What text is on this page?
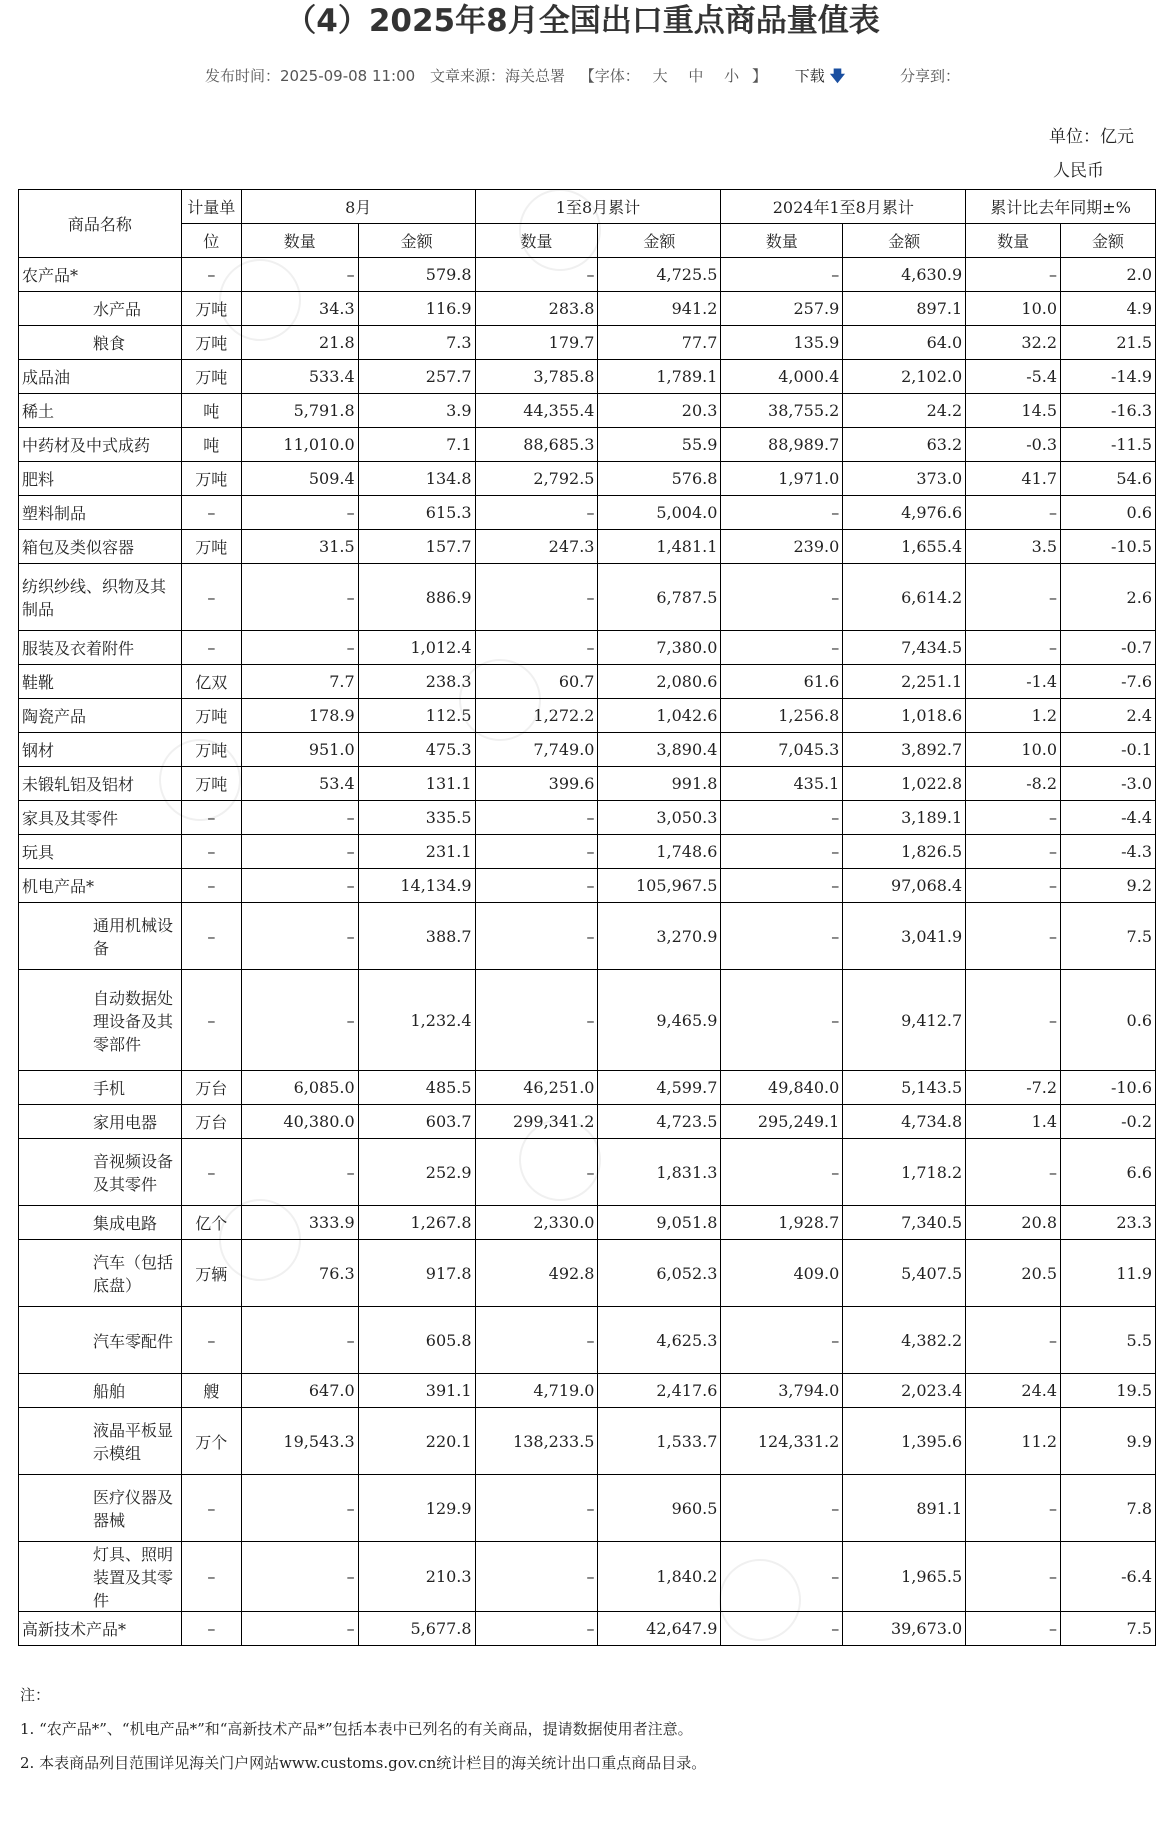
（4）2025年8月全国出口重点商品量值表
发布时间：2025-09-08 11:00 文章来源：海关总署 【字体： 大 中 小 】 下载 🡇	分享到：
单位：亿元
人民币
商品名称	计量单	8月		1至8月累计		2024年1至8月累计		累计比去年同期±%	
	位	数量	金额	数量	金额	数量	金额	数量	金额
农产品*	–	–	579.8	–	4,725.5	–	4,630.9	–	2.0
水产品	万吨	34.3	116.9	283.8	941.2	257.9	897.1	10.0	4.9
粮食	万吨	21.8	7.3	179.7	77.7	135.9	64.0	32.2	21.5
成品油	万吨	533.4	257.7	3,785.8	1,789.1	4,000.4	2,102.0	-5.4	-14.9
稀土	吨	5,791.8	3.9	44,355.4	20.3	38,755.2	24.2	14.5	-16.3
中药材及中式成药	吨	11,010.0	7.1	88,685.3	55.9	88,989.7	63.2	-0.3	-11.5
肥料	万吨	509.4	134.8	2,792.5	576.8	1,971.0	373.0	41.7	54.6
塑料制品	–	–	615.3	–	5,004.0	–	4,976.6	–	0.6
箱包及类似容器	万吨	31.5	157.7	247.3	1,481.1	239.0	1,655.4	3.5	-10.5
纺织纱线、织物及其制品	–	–	886.9	–	6,787.5	–	6,614.2	–	2.6
服装及衣着附件	–	–	1,012.4	–	7,380.0	–	7,434.5	–	-0.7
鞋靴	亿双	7.7	238.3	60.7	2,080.6	61.6	2,251.1	-1.4	-7.6
陶瓷产品	万吨	178.9	112.5	1,272.2	1,042.6	1,256.8	1,018.6	1.2	2.4
钢材	万吨	951.0	475.3	7,749.0	3,890.4	7,045.3	3,892.7	10.0	-0.1
未锻轧铝及铝材	万吨	53.4	131.1	399.6	991.8	435.1	1,022.8	-8.2	-3.0
家具及其零件	–	–	335.5	–	3,050.3	–	3,189.1	–	-4.4
玩具	–	–	231.1	–	1,748.6	–	1,826.5	–	-4.3
机电产品*	–	–	14,134.9	–	105,967.5	–	97,068.4	–	9.2
通用机械设备	–	–	388.7	–	3,270.9	–	3,041.9	–	7.5
自动数据处理设备及其零部件	–	–	1,232.4	–	9,465.9	–	9,412.7	–	0.6
手机	万台	6,085.0	485.5	46,251.0	4,599.7	49,840.0	5,143.5	-7.2	-10.6
家用电器	万台	40,380.0	603.7	299,341.2	4,723.5	295,249.1	4,734.8	1.4	-0.2
音视频设备及其零件	–	–	252.9	–	1,831.3	–	1,718.2	–	6.6
集成电路	亿个	333.9	1,267.8	2,330.0	9,051.8	1,928.7	7,340.5	20.8	23.3
汽车（包括底盘）	万辆	76.3	917.8	492.8	6,052.3	409.0	5,407.5	20.5	11.9
汽车零配件	–	–	605.8	–	4,625.3	–	4,382.2	–	5.5
船舶	艘	647.0	391.1	4,719.0	2,417.6	3,794.0	2,023.4	24.4	19.5
液晶平板显示模组	万个	19,543.3	220.1	138,233.5	1,533.7	124,331.2	1,395.6	11.2	9.9
医疗仪器及器械	–	–	129.9	–	960.5	–	891.1	–	7.8
灯具、照明装置及其零件	–	–	210.3	–	1,840.2	–	1,965.5	–	-6.4
高新技术产品*	–	–	5,677.8	–	42,647.9	–	39,673.0	–	7.5
注：
1. “农产品*”、“机电产品*”和“高新技术产品*”包括本表中已列名的有关商品，提请数据使用者注意。
2. 本表商品列目范围详见海关门户网站www.customs.gov.cn统计栏目的海关统计出口重点商品目录。
